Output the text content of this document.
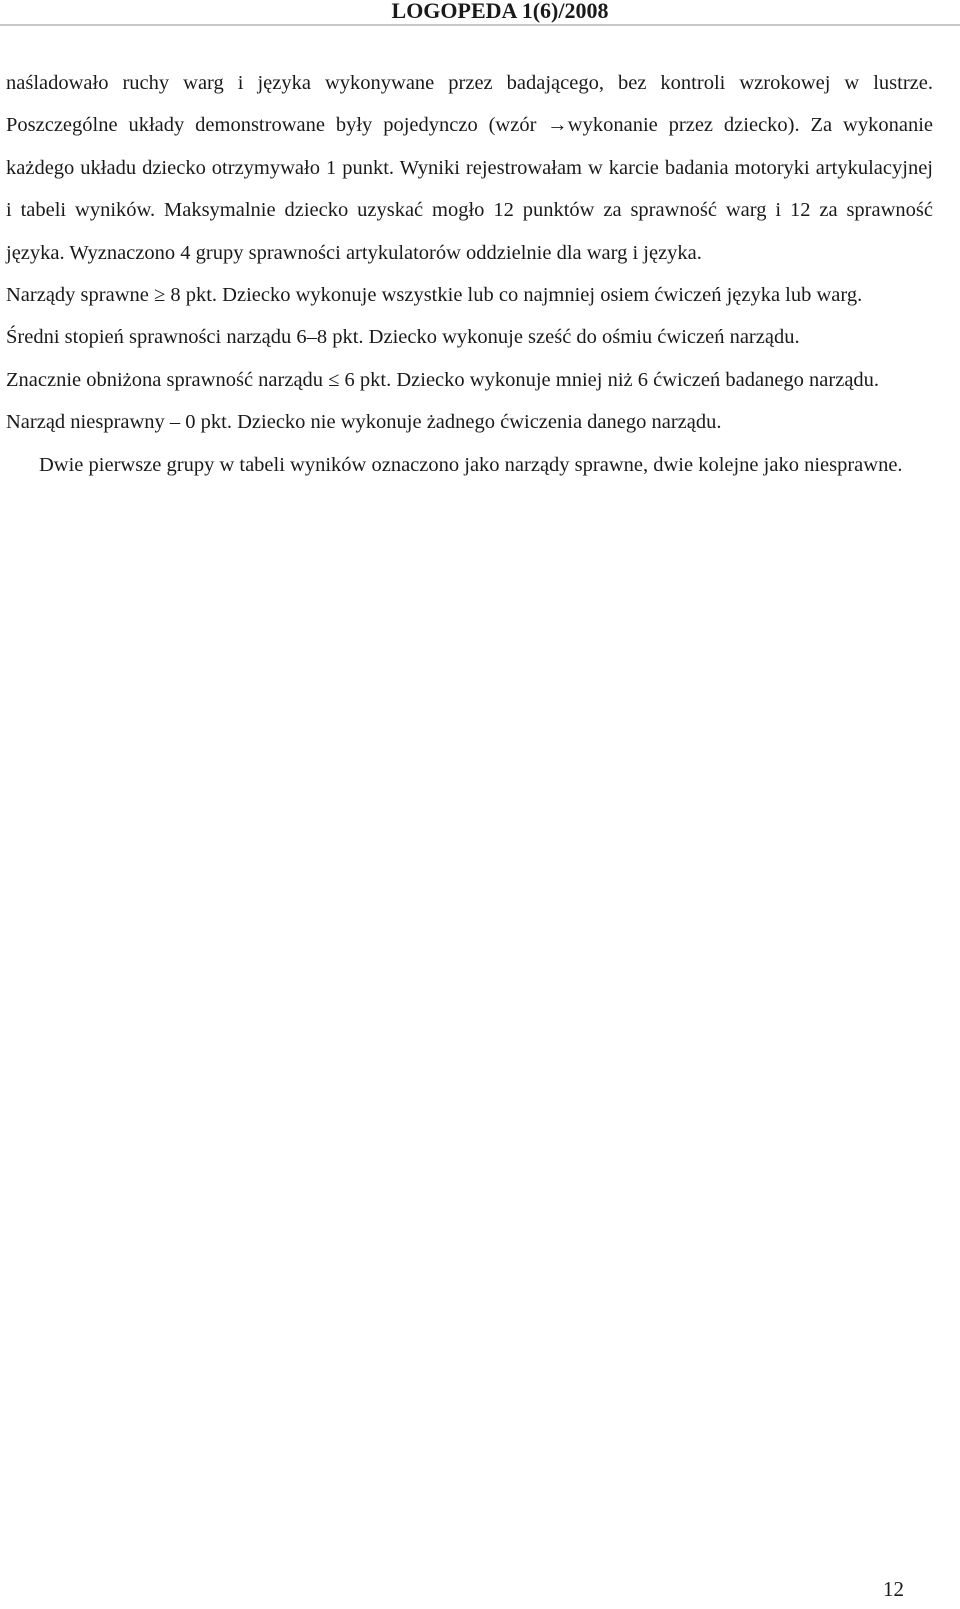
LOGOPEDA 1(6)/2008

naśladowało ruchy warg i języka wykonywane przez badającego, bez kontroli wzrokowej w lustrze. Poszczególne układy demonstrowane były pojedynczo (wzór →wykonanie przez dziecko). Za wykonanie każdego układu dziecko otrzymywało 1 punkt. Wyniki rejestrowałam w karcie badania motoryki artykulacyjnej i tabeli wyników. Maksymalnie dziecko uzyskać mogło 12 punktów za sprawność warg i 12 za sprawność języka. Wyznaczono 4 grupy sprawności artykulatorów oddzielnie dla warg i języka.

Narządy sprawne ≥ 8 pkt. Dziecko wykonuje wszystkie lub co najmniej osiem ćwiczeń języka lub warg.

Średni stopień sprawności narządu 6–8 pkt. Dziecko wykonuje sześć do ośmiu ćwiczeń narządu.

Znacznie obniżona sprawność narządu ≤ 6 pkt. Dziecko wykonuje mniej niż 6 ćwiczeń badanego narządu.

Narząd niesprawny – 0 pkt. Dziecko nie wykonuje żadnego ćwiczenia danego narządu.

Dwie pierwsze grupy w tabeli wyników oznaczono jako narządy sprawne, dwie kolejne jako niesprawne.

12
